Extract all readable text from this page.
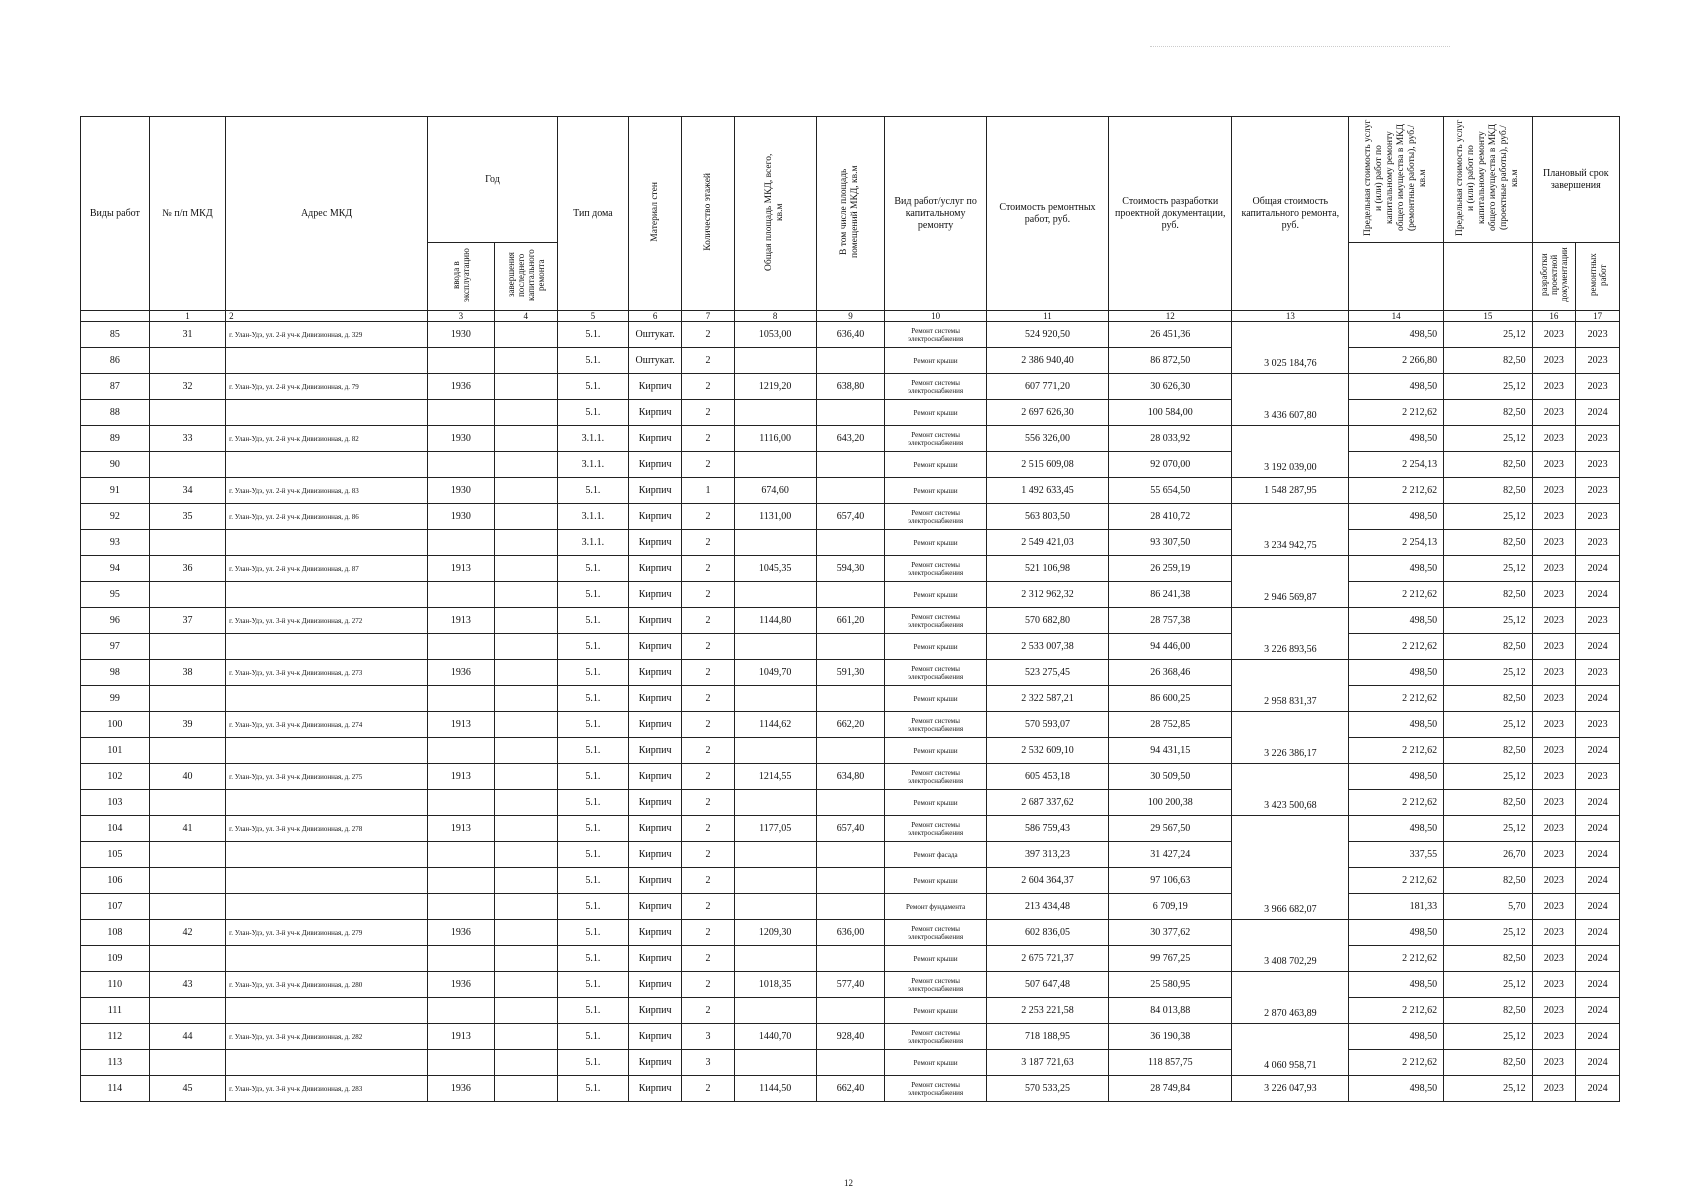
Виды работ	№ п/п МКД	Адрес МКД	Год		Тип дома	Материал стен	Количество этажей	Общая площадь МКД, всего, кв.м	В том числе площадь помещений МКД, кв.м	Вид работ/услуг по капитальному ремонту	Стоимость ремонтных работ, руб.	Стоимость разработки проектной документации, руб.	Общая стоимость капитального ремонта, руб.	Предельная стоимость услуг и (или) работ по капитальному ремонту общего имущества в МКД (ремонтные работы), руб./кв.м	Предельная стоимость услуг и (или) работ по капитальному ремонту общего имущества в МКД (проектные работы), руб./кв.м	Плановый срок завершения	
			ввода в эксплуатацию	завершения последнего капитального ремонта												разработки проектной документации	ремонтных работ
	1	2	3	4	5	6	7	8	9	10	11	12	13	14	15	16	17
85	31	г. Улан-Удэ, ул. 2-й уч-к Дивизионная, д. 329	1930		5.1.	Оштукат.	2	1053,00	636,40	Ремонт системы электроснабжения	524 920,50	26 451,36	3 025 184,76	498,50	25,12	2023	2023
86					5.1.	Оштукат.	2			Ремонт крыши	2 386 940,40	86 872,50		2 266,80	82,50	2023	2023
87	32	г. Улан-Удэ, ул. 2-й уч-к Дивизионная, д. 79	1936		5.1.	Кирпич	2	1219,20	638,80	Ремонт системы электроснабжения	607 771,20	30 626,30	3 436 607,80	498,50	25,12	2023	2023
88					5.1.	Кирпич	2			Ремонт крыши	2 697 626,30	100 584,00		2 212,62	82,50	2023	2024
89	33	г. Улан-Удэ, ул. 2-й уч-к Дивизионная, д. 82	1930		3.1.1.	Кирпич	2	1116,00	643,20	Ремонт системы электроснабжения	556 326,00	28 033,92	3 192 039,00	498,50	25,12	2023	2023
90					3.1.1.	Кирпич	2			Ремонт крыши	2 515 609,08	92 070,00		2 254,13	82,50	2023	2023
91	34	г. Улан-Удэ, ул. 2-й уч-к Дивизионная, д. 83	1930		5.1.	Кирпич	1	674,60		Ремонт крыши	1 492 633,45	55 654,50	1 548 287,95	2 212,62	82,50	2023	2023
92	35	г. Улан-Удэ, ул. 2-й уч-к Дивизионная, д. 86	1930		3.1.1.	Кирпич	2	1131,00	657,40	Ремонт системы электроснабжения	563 803,50	28 410,72	3 234 942,75	498,50	25,12	2023	2023
93					3.1.1.	Кирпич	2			Ремонт крыши	2 549 421,03	93 307,50		2 254,13	82,50	2023	2023
94	36	г. Улан-Удэ, ул. 2-й уч-к Дивизионная, д. 87	1913		5.1.	Кирпич	2	1045,35	594,30	Ремонт системы электроснабжения	521 106,98	26 259,19	2 946 569,87	498,50	25,12	2023	2024
95					5.1.	Кирпич	2			Ремонт крыши	2 312 962,32	86 241,38		2 212,62	82,50	2023	2024
96	37	г. Улан-Удэ, ул. 3-й уч-к Дивизионная, д. 272	1913		5.1.	Кирпич	2	1144,80	661,20	Ремонт системы электроснабжения	570 682,80	28 757,38	3 226 893,56	498,50	25,12	2023	2023
97					5.1.	Кирпич	2			Ремонт крыши	2 533 007,38	94 446,00		2 212,62	82,50	2023	2024
98	38	г. Улан-Удэ, ул. 3-й уч-к Дивизионная, д. 273	1936		5.1.	Кирпич	2	1049,70	591,30	Ремонт системы электроснабжения	523 275,45	26 368,46	2 958 831,37	498,50	25,12	2023	2023
99					5.1.	Кирпич	2			Ремонт крыши	2 322 587,21	86 600,25		2 212,62	82,50	2023	2024
100	39	г. Улан-Удэ, ул. 3-й уч-к Дивизионная, д. 274	1913		5.1.	Кирпич	2	1144,62	662,20	Ремонт системы электроснабжения	570 593,07	28 752,85	3 226 386,17	498,50	25,12	2023	2023
101					5.1.	Кирпич	2			Ремонт крыши	2 532 609,10	94 431,15		2 212,62	82,50	2023	2024
102	40	г. Улан-Удэ, ул. 3-й уч-к Дивизионная, д. 275	1913		5.1.	Кирпич	2	1214,55	634,80	Ремонт системы электроснабжения	605 453,18	30 509,50	3 423 500,68	498,50	25,12	2023	2023
103					5.1.	Кирпич	2			Ремонт крыши	2 687 337,62	100 200,38		2 212,62	82,50	2023	2024
104	41	г. Улан-Удэ, ул. 3-й уч-к Дивизионная, д. 278	1913		5.1.	Кирпич	2	1177,05	657,40	Ремонт системы электроснабжения	586 759,43	29 567,50	3 966 682,07	498,50	25,12	2023	2024
105					5.1.	Кирпич	2			Ремонт фасада	397 313,23	31 427,24		337,55	26,70	2023	2024
106					5.1.	Кирпич	2			Ремонт крыши	2 604 364,37	97 106,63		2 212,62	82,50	2023	2024
107					5.1.	Кирпич	2			Ремонт фундамента	213 434,48	6 709,19		181,33	5,70	2023	2024
108	42	г. Улан-Удэ, ул. 3-й уч-к Дивизионная, д. 279	1936		5.1.	Кирпич	2	1209,30	636,00	Ремонт системы электроснабжения	602 836,05	30 377,62	3 408 702,29	498,50	25,12	2023	2024
109					5.1.	Кирпич	2			Ремонт крыши	2 675 721,37	99 767,25		2 212,62	82,50	2023	2024
110	43	г. Улан-Удэ, ул. 3-й уч-к Дивизионная, д. 280	1936		5.1.	Кирпич	2	1018,35	577,40	Ремонт системы электроснабжения	507 647,48	25 580,95	2 870 463,89	498,50	25,12	2023	2024
111					5.1.	Кирпич	2			Ремонт крыши	2 253 221,58	84 013,88		2 212,62	82,50	2023	2024
112	44	г. Улан-Удэ, ул. 3-й уч-к Дивизионная, д. 282	1913		5.1.	Кирпич	3	1440,70	928,40	Ремонт системы электроснабжения	718 188,95	36 190,38	4 060 958,71	498,50	25,12	2023	2024
113					5.1.	Кирпич	3			Ремонт крыши	3 187 721,63	118 857,75		2 212,62	82,50	2023	2024
114	45	г. Улан-Удэ, ул. 3-й уч-к Дивизионная, д. 283	1936		5.1.	Кирпич	2	1144,50	662,40	Ремонт системы электроснабжения	570 533,25	28 749,84	3 226 047,93	498,50	25,12	2023	2024
12
